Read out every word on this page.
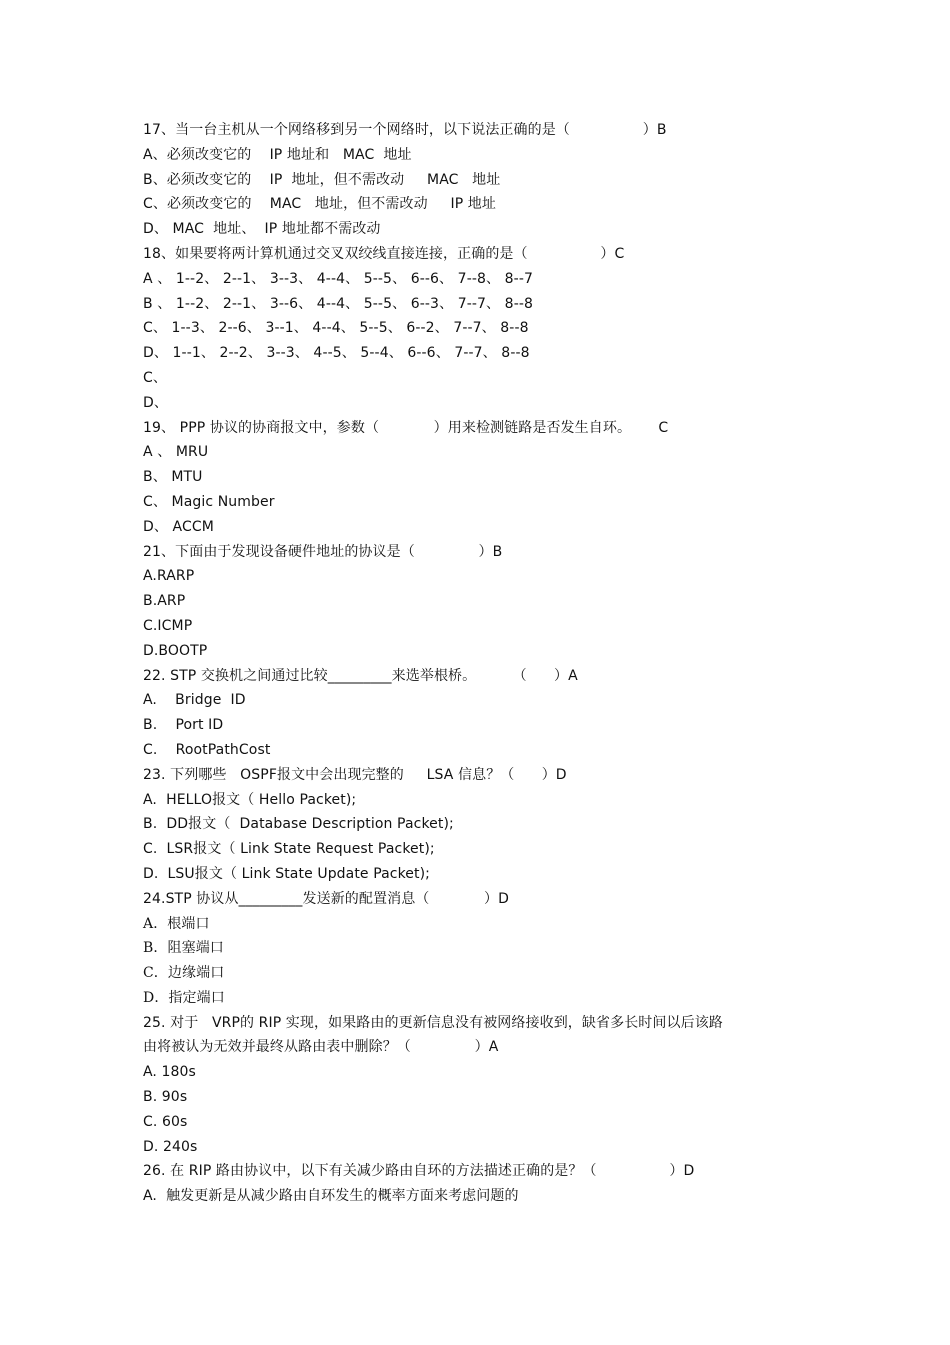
17、当一台主机从一个网络移到另一个网络时，以下说法正确的是（                ）B
A、必须改变它的    IP 地址和   MAC  地址
B、必须改变它的    IP  地址，但不需改动     MAC   地址
C、必须改变它的    MAC   地址，但不需改动     IP 地址
D、 MAC  地址、  IP 地址都不需改动
18、如果要将两计算机通过交叉双绞线直接连接，正确的是（                ）C
A 、 1--2、 2--1、 3--3、 4--4、 5--5、 6--6、 7--8、 8--7
B 、 1--2、 2--1、 3--6、 4--4、 5--5、 6--3、 7--7、 8--8
C、 1--3、 2--6、 3--1、 4--4、 5--5、 6--2、 7--7、 8--8
D、 1--1、 2--2、 3--3、 4--5、 5--4、 6--6、 7--7、 8--8
C、
D、
19、 PPP 协议的协商报文中，参数（            ）用来检测链路是否发生自环。      C
A 、 MRU
B、 MTU
C、 Magic Number
D、 ACCM
21、下面由于发现设备硬件地址的协议是（              ）B
A.RARP
B.ARP
C.ICMP
D.BOOTP
22. STP 交换机之间通过比较_________来选举根桥。        （      ）A
A.    Bridge  ID
B.    Port ID
C.    RootPathCost
23. 下列哪些   OSPF报文中会出现完整的     LSA 信息？（      ）D
A.  HELLO报文（ Hello Packet);
B.  DD报文（  Database Description Packet);
C.  LSR报文（ Link State Request Packet);
D.  LSU报文（ Link State Update Packet);
24.STP 协议从_________发送新的配置消息（            ）D
A．根端口
B．阻塞端口
C．边缘端口
D．指定端口
25. 对于   VRP的 RIP 实现，如果路由的更新信息没有被网络接收到，缺省多长时间以后该路
由将被认为无效并最终从路由表中删除？（              ）A
A. 180s
B. 90s
C. 60s
D. 240s
26. 在 RIP 路由协议中，以下有关减少路由自环的方法描述正确的是？（                ）D
A.  触发更新是从减少路由自环发生的概率方面来考虑问题的
